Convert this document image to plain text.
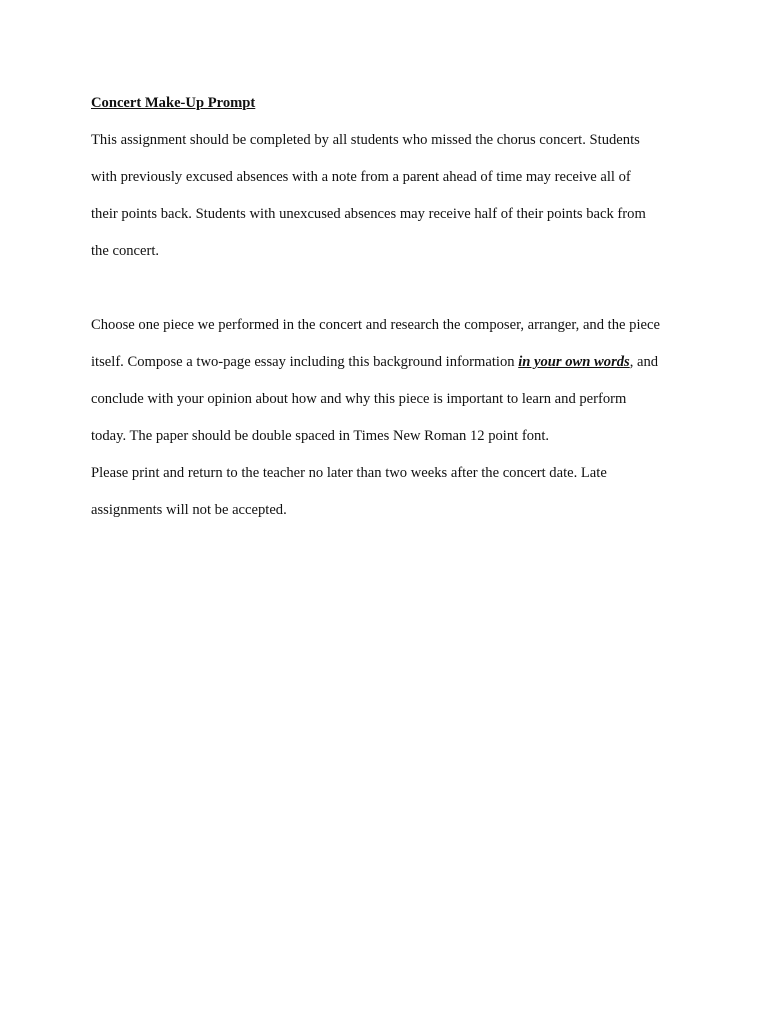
Concert Make-Up Prompt
This assignment should be completed by all students who missed the chorus concert. Students
with previously excused absences with a note from a parent ahead of time may receive all of
their points back. Students with unexcused absences may receive half of their points back from
the concert.
Choose one piece we performed in the concert and research the composer, arranger, and the piece
itself. Compose a two-page essay including this background information in your own words, and
conclude with your opinion about how and why this piece is important to learn and perform
today. The paper should be double spaced in Times New Roman 12 point font.
Please print and return to the teacher no later than two weeks after the concert date. Late
assignments will not be accepted.
